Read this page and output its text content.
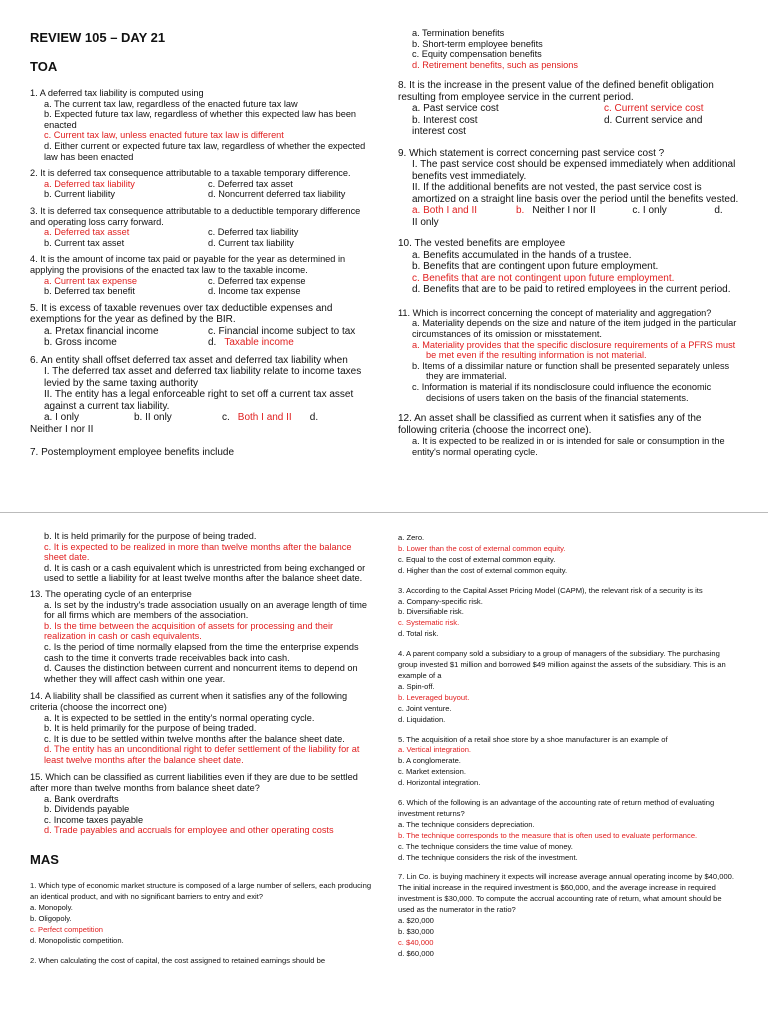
REVIEW 105 – DAY 21

TOA

1. A deferred tax liability is computed using

a. The current tax law, regardless of the enacted future tax law

b. Expected future tax law, regardless of whether this expected law has been enacted

c. Current tax law, unless enacted future tax law is different

d. Either current or expected future tax law, regardless of whether the expected law has been enacted

2. It is deferred tax consequence attributable to a taxable temporary difference.

a. Deferred tax liability	c. Deferred tax asset
b. Current liability	d. Noncurrent deferred tax liability

3. It is deferred tax consequence attributable to a deductible temporary difference and operating loss carry forward.

a. Deferred tax asset	c. Deferred tax liability
b. Current tax asset	d. Current tax liability

4. It is the amount of income tax paid or payable for the year as determined in applying the provisions of the enacted tax law to the taxable income.

a. Current tax expense	c. Deferred tax expense
b. Deferred tax benefit	d. Income tax expense

5. It is excess of taxable revenues over tax deductible expenses and exemptions for the year as defined by the BIR.

a. Pretax financial income	c. Financial income subject to tax
b. Gross income	d. Taxable income

6. An entity shall offset deferred tax asset and deferred tax liability when

I. The deferred tax asset and deferred tax liability relate to income taxes levied by the same taxing authority

II. The entity has a legal enforceable right to set off a current tax asset against a current tax liability.

a. I only	b. II only	c. Both I and II	d.

Neither I nor II

7. Postemployment employee benefits include

a. Termination benefits

b. Short-term employee benefits

c. Equity compensation benefits

d. Retirement benefits, such as pensions

8. It is the increase in the present value of the defined benefit obligation resulting from employee service in the current period.

a. Past service cost	c. Current service cost
b. Interest cost	d. Current service and

interest cost

9. Which statement is correct concerning past service cost ?

I. The past service cost should be expensed immediately when additional benefits vest immediately.

II. If the additional benefits are not vested, the past service cost is amortized on a straight line basis over the period until the benefits vested.

a. Both I and II	b. Neither I nor II	c. I only	d.

II only

10. The vested benefits are employee

a. Benefits accumulated in the hands of a trustee.

b. Benefits that are contingent upon future employment.

c. Benefits that are not contingent upon future employment.

d. Benefits that are to be paid to retired employees in the current period.

11. Which is incorrect concerning the concept of materiality and aggregation?

a. Materiality depends on the size and nature of the item judged in the particular circumstances of its omission or misstatement.

a. Materiality provides that the specific disclosure requirements of a PFRS must be met even if the resulting information is not material.

b. Items of a dissimilar nature or function shall be presented separately unless they are immaterial.

c. Information is material if its nondisclosure could influence the economic decisions of users taken on the basis of the financial statements.

12. An asset shall be classified as current when it satisfies any of the following criteria (choose the incorrect one).

a. It is expected to be realized in or is intended for sale or consumption in the entity's normal operating cycle.

b. It is held primarily for the purpose of being traded.

c. It is expected to be realized in more than twelve months after the balance sheet date.

d. It is cash or a cash equivalent which is unrestricted from being exchanged or used to settle a liability for at least twelve months after the balance sheet date.

13. The operating cycle of an enterprise

a. Is set by the industry's trade association usually on an average length of time for all firms which are members of the association.

b. Is the time between the acquisition of assets for processing and their realization in cash or cash equivalents.

c. Is the period of time normally elapsed from the time the enterprise expends cash to the time it converts trade receivables back into cash.

d. Causes the distinction between current and noncurrent items to depend on whether they will affect cash within one year.

14. A liability shall be classified as current when it satisfies any of the following criteria (choose the incorrect one)

a. It is expected to be settled in the entity's normal operating cycle.

b. It is held primarily for the purpose of being traded.

c. It is due to be settled within twelve months after the balance sheet date.

d. The entity has an unconditional right to defer settlement of the liability for at least twelve months after the balance sheet date.

15. Which can be classified as current liabilities even if they are due to be settled after more than twelve months from balance sheet date?

a. Bank overdrafts

b. Dividends payable

c. Income taxes payable

d. Trade payables and accruals for employee and other operating costs

MAS

1. Which type of economic market structure is composed of a large number of sellers, each producing an identical product, and with no significant barriers to entry and exit?

a. Monopoly.

b. Oligopoly.

c. Perfect competition

d. Monopolistic competition.

2. When calculating the cost of capital, the cost assigned to retained earnings should be

a. Zero.

b. Lower than the cost of external common equity.

c. Equal to the cost of external common equity.

d. Higher than the cost of external common equity.

3. According to the Capital Asset Pricing Model (CAPM), the relevant risk of a security is its

a. Company-specific risk.

b. Diversifiable risk.

c. Systematic risk.

d. Total risk.

4. A parent company sold a subsidiary to a group of managers of the subsidiary. The purchasing group invested $1 million and borrowed $49 million against the assets of the subsidiary. This is an example of a

a. Spin-off.

b. Leveraged buyout.

c. Joint venture.

d. Liquidation.

5. The acquisition of a retail shoe store by a shoe manufacturer is an example of

a. Vertical integration.

b. A conglomerate.

c. Market extension.

d. Horizontal integration.

6. Which of the following is an advantage of the accounting rate of return method of evaluating investment returns?

a. The technique considers depreciation.

b. The technique corresponds to the measure that is often used to evaluate performance.

c. The technique considers the time value of money.

d. The technique considers the risk of the investment.

7. Lin Co. is buying machinery it expects will increase average annual operating income by $40,000. The initial increase in the required investment is $60,000, and the average increase in required investment is $30,000. To compute the accrual accounting rate of return, what amount should be used as the numerator in the ratio?

a. $20,000

b. $30,000

c. $40,000

d. $60,000
